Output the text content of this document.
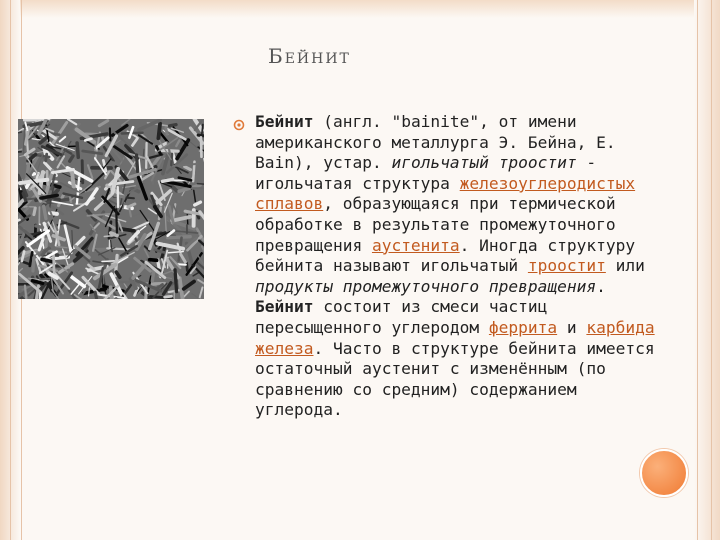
Бейнит
Бейнит (англ. "bainite", от имени американского металлурга Э. Бейна, E. Bain), устар. игольчатый троостит - игольчатая структура железоуглеродистых сплавов, образующаяся при термической обработке в результате промежуточного превращения аустенита. Иногда структуру бейнита называют игольчатый троостит или продукты промежуточного превращения. Бейнит состоит из смеси частиц пересыщенного углеродом феррита и карбида железа. Часто в структуре бейнита имеется остаточный аустенит с изменённым (по сравнению со средним) содержанием углерода.
